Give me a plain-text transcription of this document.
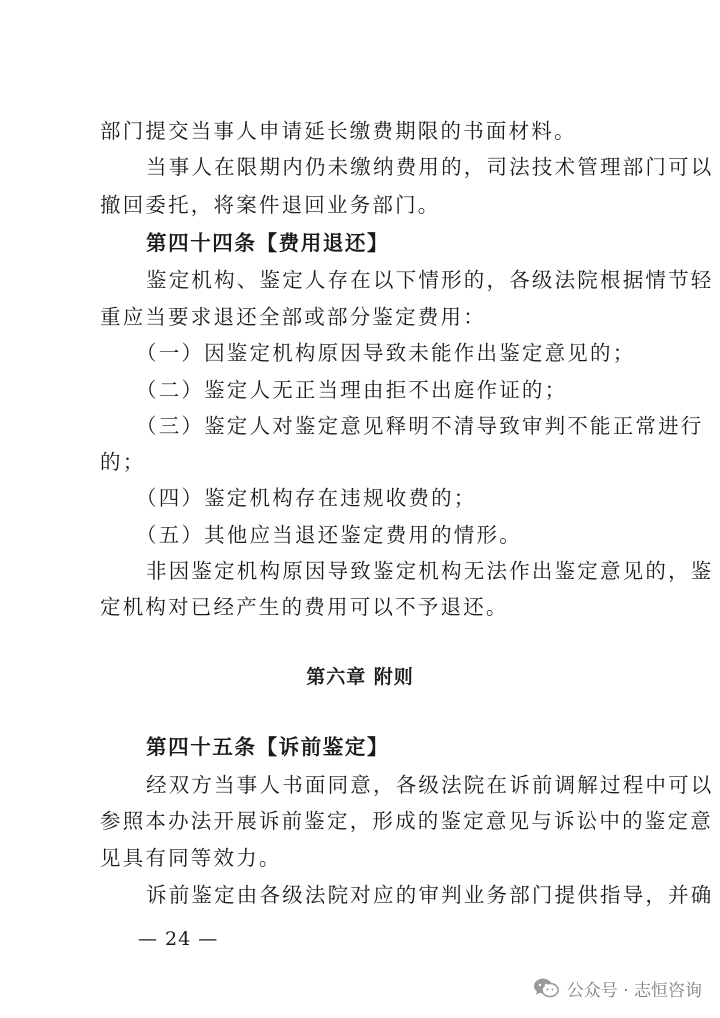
部门提交当事人申请延长缴费期限的书面材料。
当事人在限期内仍未缴纳费用的，司法技术管理部门可以
撤回委托，将案件退回业务部门。
第四十四条【费用退还】
鉴定机构、鉴定人存在以下情形的，各级法院根据情节轻
重应当要求退还全部或部分鉴定费用：
（一）因鉴定机构原因导致未能作出鉴定意见的；
（二）鉴定人无正当理由拒不出庭作证的；
（三）鉴定人对鉴定意见释明不清导致审判不能正常进行
的；
（四）鉴定机构存在违规收费的；
（五）其他应当退还鉴定费用的情形。
非因鉴定机构原因导致鉴定机构无法作出鉴定意见的，鉴
定机构对已经产生的费用可以不予退还。
第六章 附则
第四十五条【诉前鉴定】
经双方当事人书面同意，各级法院在诉前调解过程中可以
参照本办法开展诉前鉴定，形成的鉴定意见与诉讼中的鉴定意
见具有同等效力。
诉前鉴定由各级法院对应的审判业务部门提供指导，并确
— 24 —
公众号 · 志恒咨询
